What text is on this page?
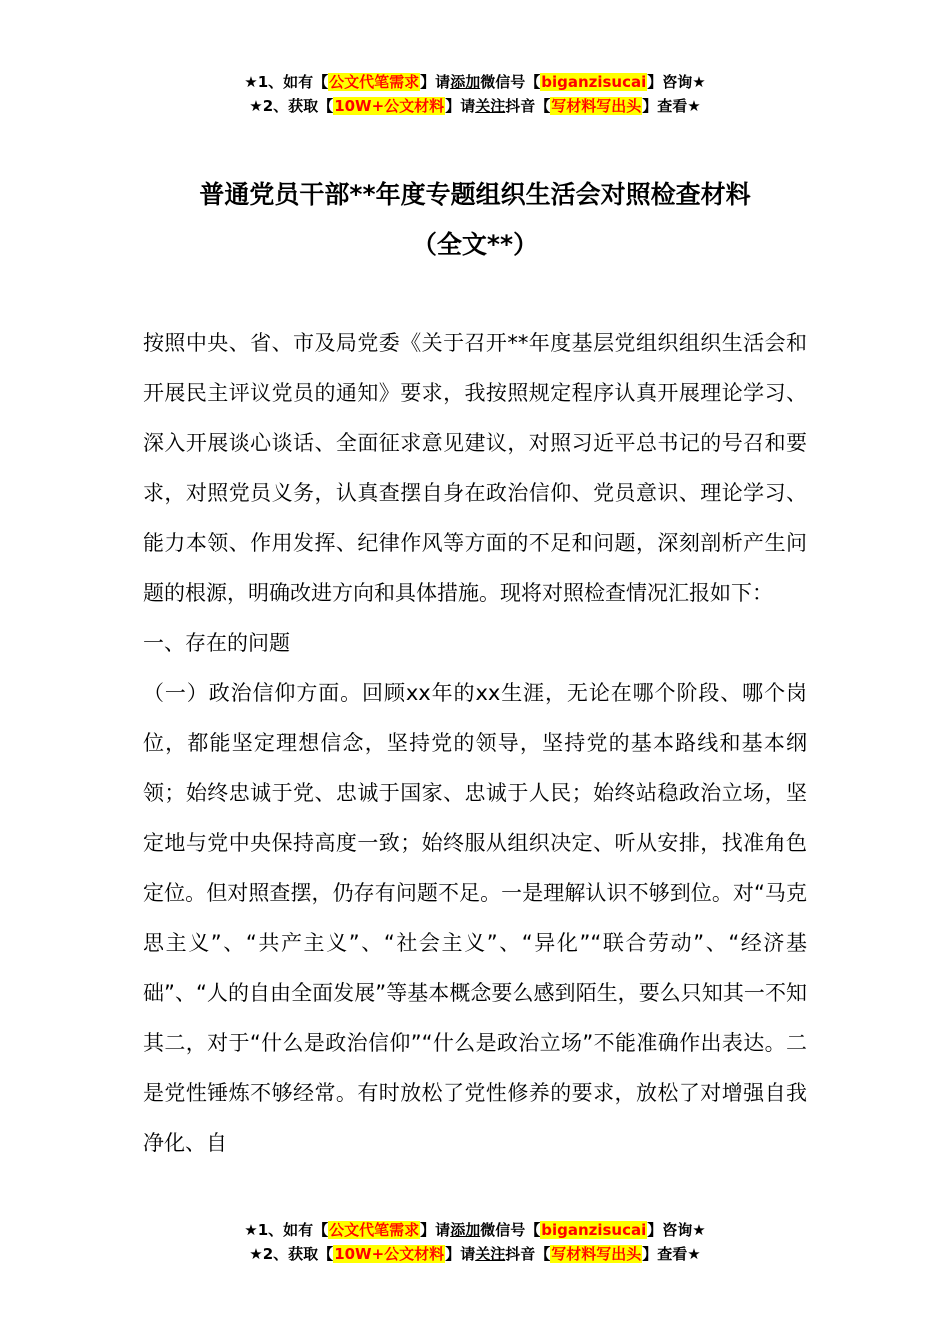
★1、如有【公文代笔需求】请添加微信号【biganzisucai】咨询★
★2、获取【10W+公文材料】请关注抖音【写材料写出头】查看★
普通党员干部**年度专题组织生活会对照检查材料
（全文**）

按照中央、省、市及局党委《关于召开**年度基层党组织组织生活会和开展民主评议党员的通知》要求，我按照规定程序认真开展理论学习、深入开展谈心谈话、全面征求意见建议，对照习近平总书记的号召和要求，对照党员义务，认真查摆自身在政治信仰、党员意识、理论学习、能力本领、作用发挥、纪律作风等方面的不足和问题，深刻剖析产生问题的根源，明确改进方向和具体措施。现将对照检查情况汇报如下：

一、存在的问题

（一）政治信仰方面。回顾xx年的xx生涯，无论在哪个阶段、哪个岗位，都能坚定理想信念，坚持党的领导，坚持党的基本路线和基本纲领；始终忠诚于党、忠诚于国家、忠诚于人民；始终站稳政治立场，坚定地与党中央保持高度一致；始终服从组织决定、听从安排，找准角色定位。但对照查摆，仍存有问题不足。一是理解认识不够到位。对“马克思主义”、“共产主义”、“社会主义”、“异化”“联合劳动”、“经济基础”、“人的自由全面发展”等基本概念要么感到陌生，要么只知其一不知其二，对于“什么是政治信仰”“什么是政治立场”不能准确作出表达。二是党性锤炼不够经常。有时放松了党性修养的要求，放松了对增强自我净化、自

★1、如有【公文代笔需求】请添加微信号【biganzisucai】咨询★
★2、获取【10W+公文材料】请关注抖音【写材料写出头】查看★
